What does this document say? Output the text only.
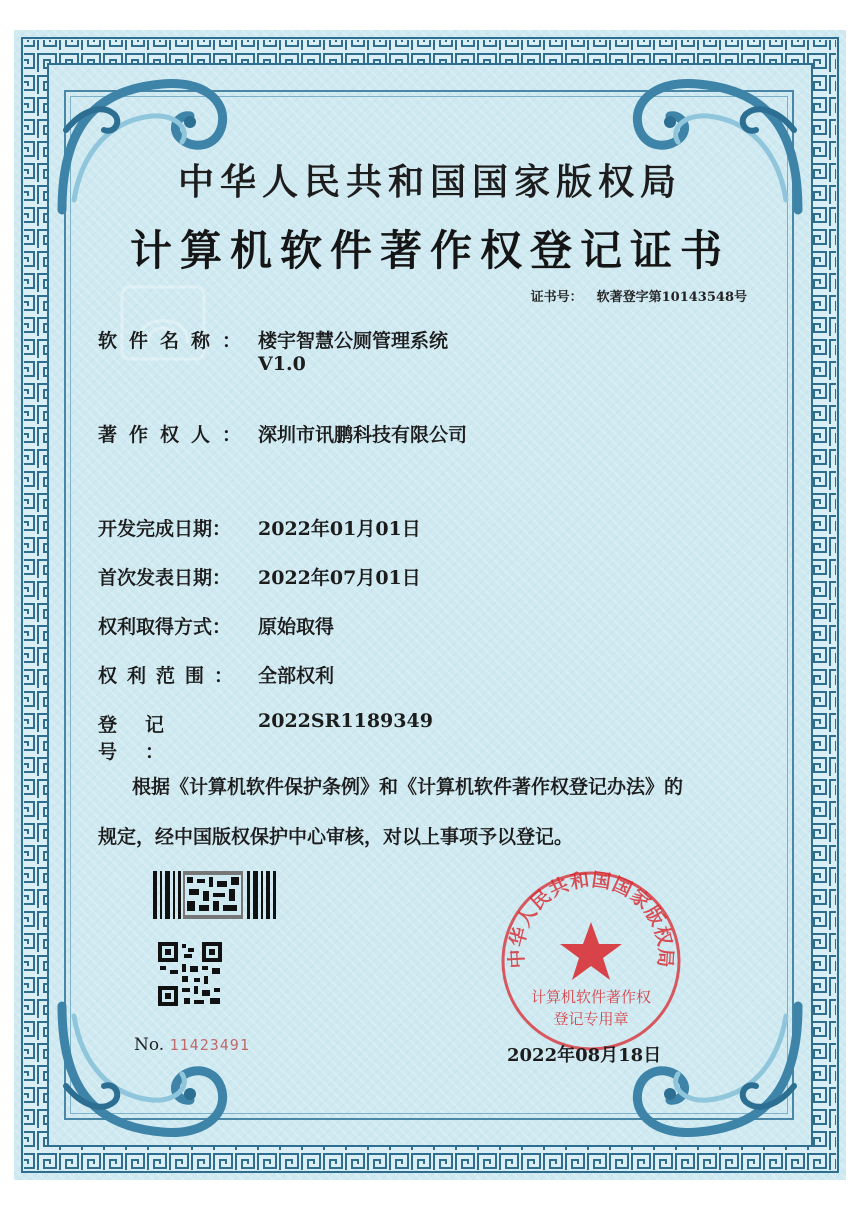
中华人民共和国国家版权局
计算机软件著作权登记证书
证书号： 软著登字第10143548号
软件名称： 楼宇智慧公厕管理系统
V1.0
著作权人： 深圳市讯鹏科技有限公司
开发完成日期： 2022年01月01日
首次发表日期： 2022年07月01日
权利取得方式： 原始取得
权利范围： 全部权利
登记号：2022SR1189349
根据《计算机软件保护条例》和《计算机软件著作权登记办法》的
规定，经中国版权保护中心审核，对以上事项予以登记。
No. 11423491
中华人民共和国国家版权局
计算机软件著作权
登记专用章
2022年08月18日
